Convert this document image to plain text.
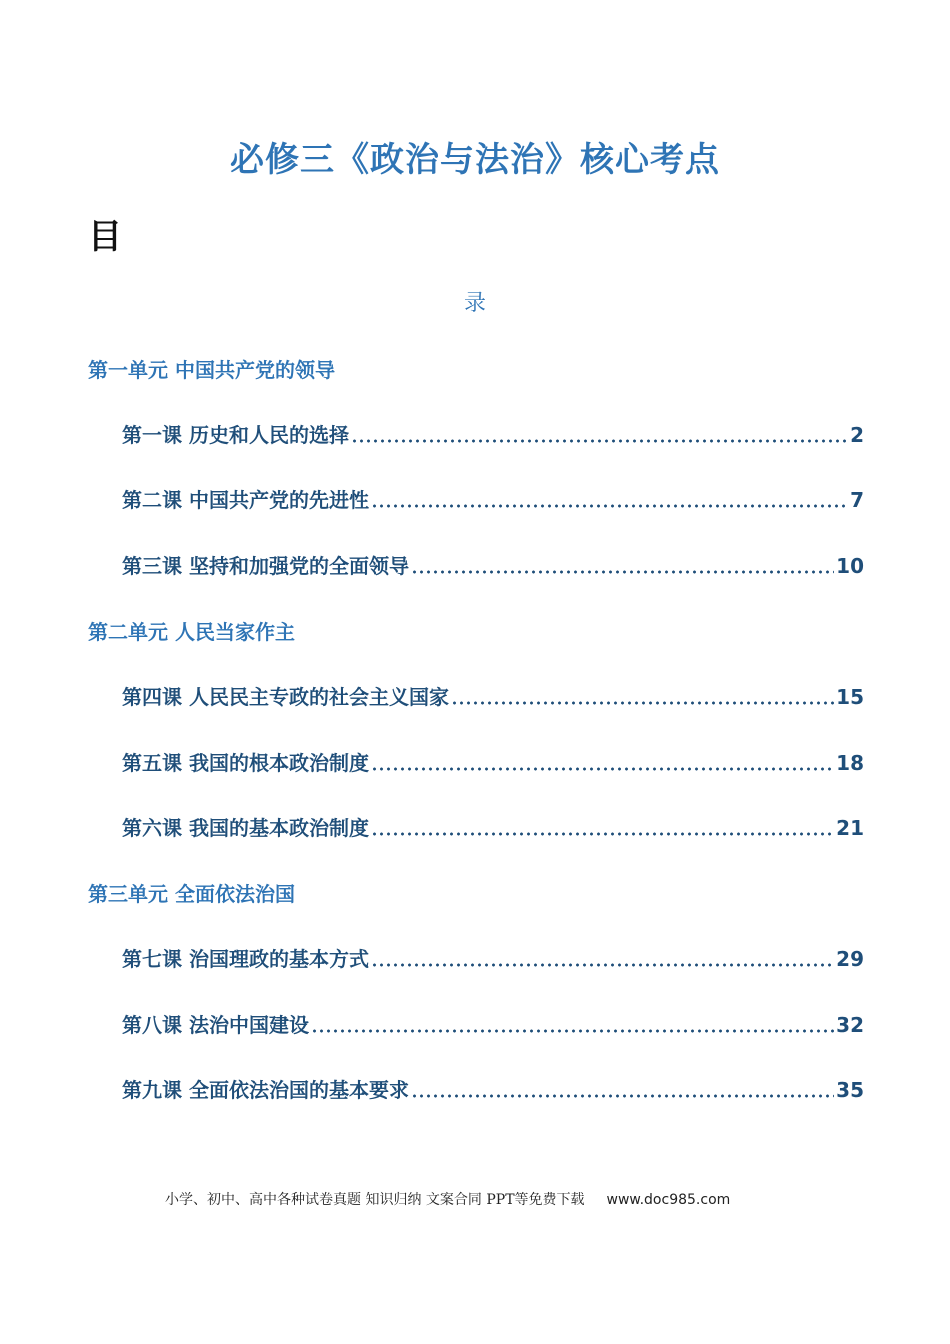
必修三《政治与法治》核心考点
目
录
第一单元 中国共产党的领导
第一课 历史和人民的选择	2
第二课 中国共产党的先进性	7
第三课 坚持和加强党的全面领导	10
第二单元 人民当家作主
第四课 人民民主专政的社会主义国家	15
第五课 我国的根本政治制度	18
第六课 我国的基本政治制度	21
第三单元 全面依法治国
第七课 治国理政的基本方式	29
第八课 法治中国建设	32
第九课 全面依法治国的基本要求	35
小学、初中、高中各种试卷真题 知识归纳 文案合同 PPT等免费下载 www.doc985.com
